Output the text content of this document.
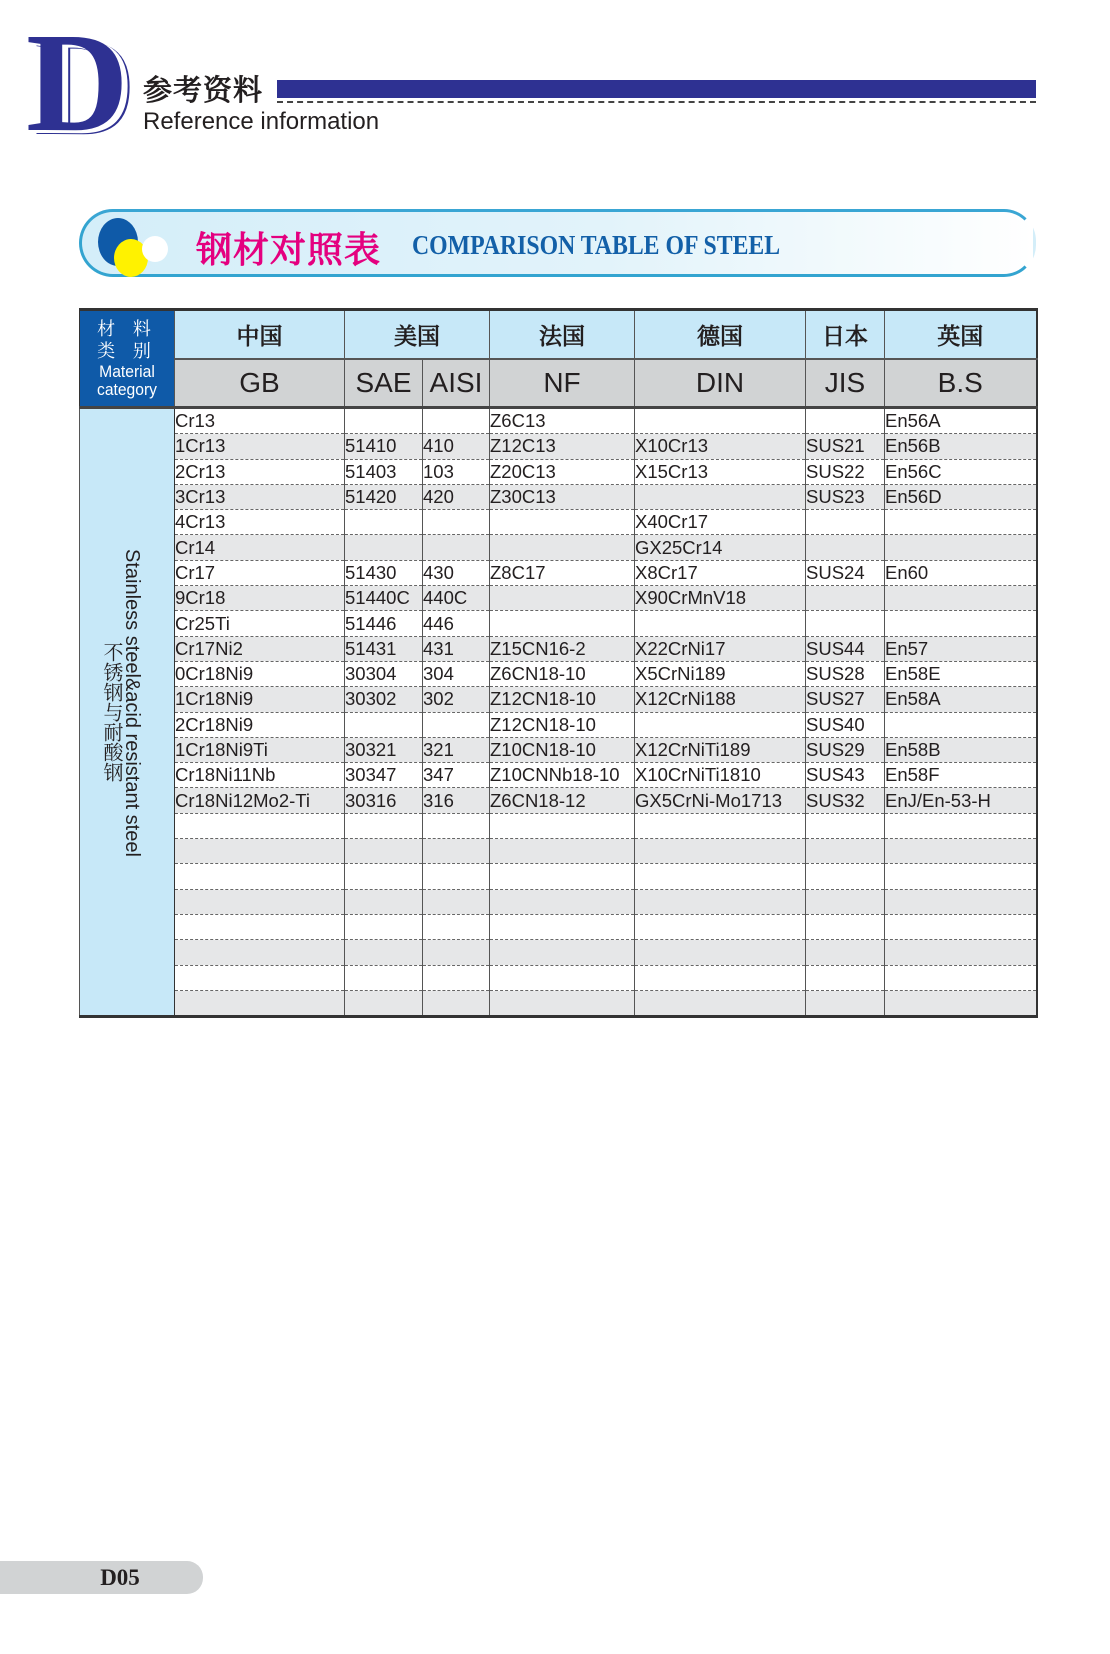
D 参考资料
Reference information
钢材对照表 COMPARISON TABLE OF STEEL
材 料
类 别
Material
category	中国	美国		法国	德国	日本	英国
	GB	SAE	AISI	NF	DIN	JIS	B.S

Stainless steel&acid resistant steel
不锈钢与耐酸钢	Cr13			Z6C13			En56A
	1Cr13	51410	410	Z12C13	X10Cr13	SUS21	En56B
	2Cr13	51403	103	Z20C13	X15Cr13	SUS22	En56C
	3Cr13	51420	420	Z30C13		SUS23	En56D
	4Cr13				X40Cr17		
	Cr14				GX25Cr14		
	Cr17	51430	430	Z8C17	X8Cr17	SUS24	En60
	9Cr18	51440C	440C		X90CrMnV18		
	Cr25Ti	51446	446				
	Cr17Ni2	51431	431	Z15CN16-2	X22CrNi17	SUS44	En57
	0Cr18Ni9	30304	304	Z6CN18-10	X5CrNi189	SUS28	En58E
	1Cr18Ni9	30302	302	Z12CN18-10	X12CrNi188	SUS27	En58A
	2Cr18Ni9			Z12CN18-10		SUS40	
	1Cr18Ni9Ti	30321	321	Z10CN18-10	X12CrNiTi189	SUS29	En58B
	Cr18Ni11Nb	30347	347	Z10CNNb18-10	X10CrNiTi1810	SUS43	En58F
	Cr18Ni12Mo2-Ti	30316	316	Z6CN18-12	GX5CrNi-Mo1713	SUS32	EnJ/En-53-H

D05
